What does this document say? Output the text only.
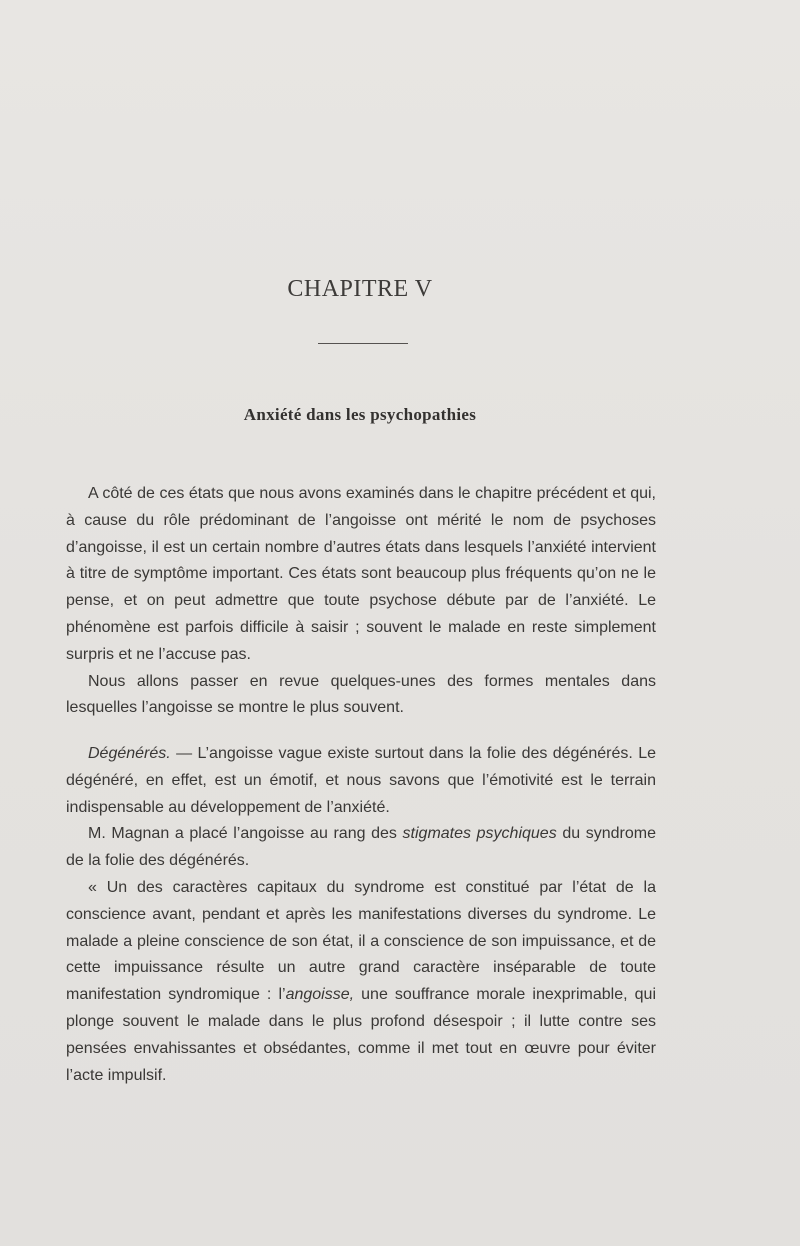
CHAPITRE V
Anxiété dans les psychopathies

A côté de ces états que nous avons examinés dans le chapitre précédent et qui, à cause du rôle prédominant de l’angoisse ont mérité le nom de psychoses d’angoisse, il est un certain nombre d’autres états dans lesquels l’anxiété intervient à titre de symptôme important. Ces états sont beaucoup plus fréquents qu’on ne le pense, et on peut admettre que toute psychose débute par de l’anxiété. Le phénomène est parfois difficile à saisir ; souvent le malade en reste simplement surpris et ne l’accuse pas.

Nous allons passer en revue quelques-unes des formes mentales dans lesquelles l’angoisse se montre le plus souvent.

Dégénérés. — L’angoisse vague existe surtout dans la folie des dégénérés. Le dégénéré, en effet, est un émotif, et nous savons que l’émotivité est le terrain indispensable au développement de l’anxiété.

M. Magnan a placé l’angoisse au rang des stigmates psychiques du syndrome de la folie des dégénérés.

« Un des caractères capitaux du syndrome est constitué par l’état de la conscience avant, pendant et après les manifestations diverses du syndrome. Le malade a pleine conscience de son état, il a conscience de son impuissance, et de cette impuissance résulte un autre grand caractère inséparable de toute manifestation syndromique : l’angoisse, une souffrance morale inexprimable, qui plonge souvent le malade dans le plus profond désespoir ; il lutte contre ses pensées envahissantes et obsédantes, comme il met tout en œuvre pour éviter l’acte impulsif.
